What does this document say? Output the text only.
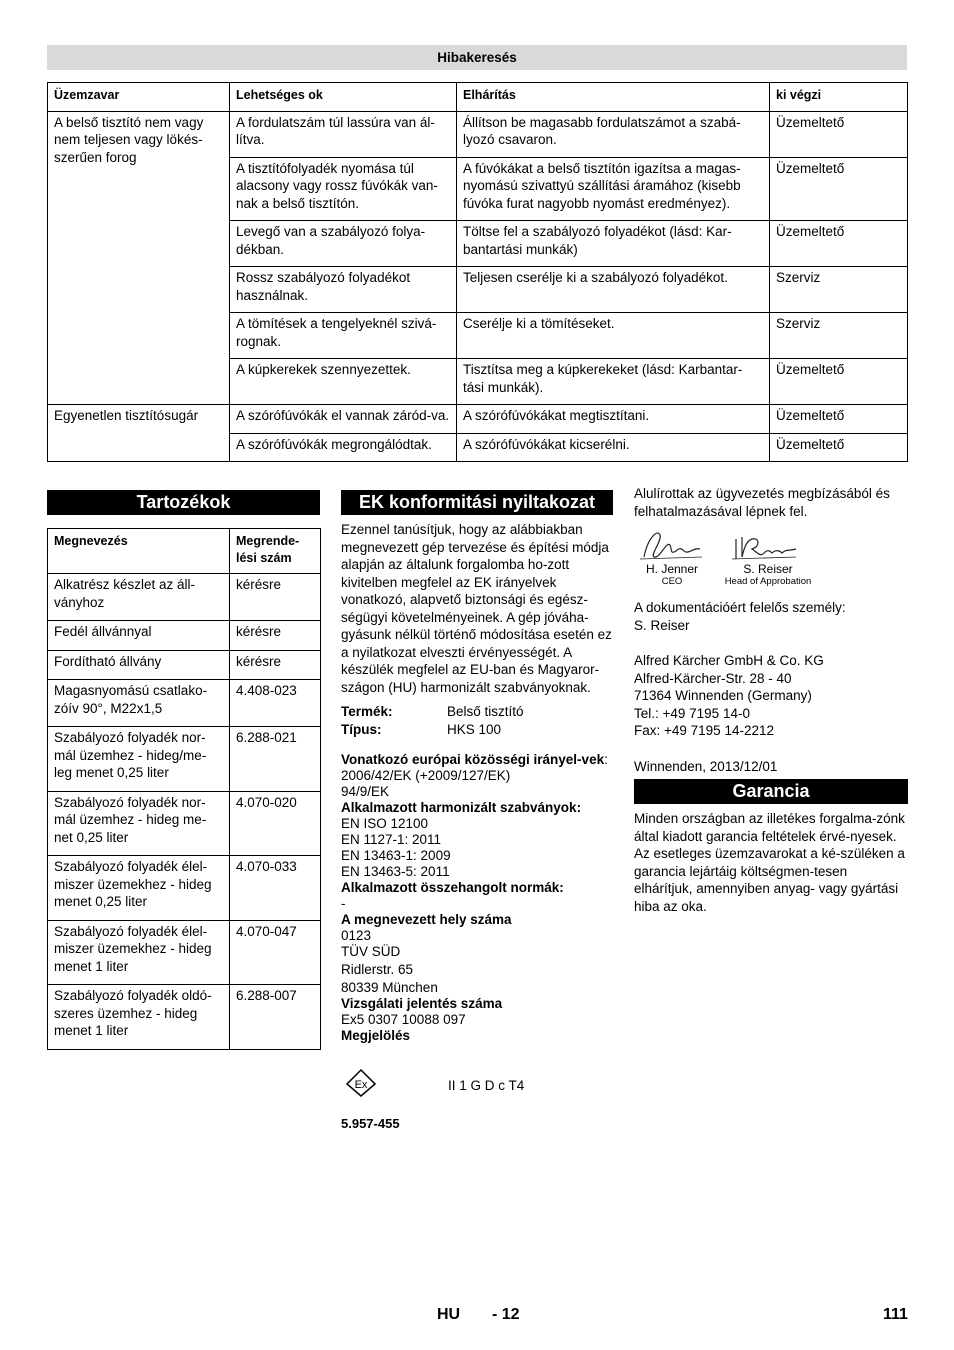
Hibakeresés
Üzemzavar	Lehetséges ok	Elhárítás	ki végzi
A belső tisztító nem vagy nem teljesen vagy lökés-szerűen forog	A fordulatszám túl lassúra van ál-lítva.	Állítson be magasabb fordulatszámot a szabá-lyozó csavaron.	Üzemeltető
	A tisztítófolyadék nyomása túl alacsony vagy rossz fúvókák van-nak a belső tisztítón.	A fúvókákat a belső tisztítón igazítsa a magas-nyomású szivattyú szállítási áramához (kisebb fúvóka furat nagyobb nyomást eredményez).	Üzemeltető
	Levegő van a szabályozó folya-dékban.	Töltse fel a szabályozó folyadékot (lásd: Kar-bantartási munkák)	Üzemeltető
	Rossz szabályozó folyadékot használnak.	Teljesen cserélje ki a szabályozó folyadékot.	Szerviz
	A tömítések a tengelyeknél szivá-rognak.	Cserélje ki a tömítéseket.	Szerviz
	A kúpkerekek szennyezettek.	Tisztítsa meg a kúpkerekeket (lásd: Karbantar-tási munkák).	Üzemeltető
Egyenetlen tisztítósugár	A szórófúvókák el vannak záród-va.	A szórófúvókákat megtisztítani.	Üzemeltető
	A szórófúvókák megrongálódtak.	A szórófúvókákat kicserélni.	Üzemeltető
Tartozékok
Megnevezés	Megrende-lési szám
Alkatrész készlet az áll-ványhoz	kérésre
Fedél állvánnyal	kérésre
Fordítható állvány	kérésre
Magasnyomású csatlako-zóív 90°, M22x1,5	4.408-023
Szabályozó folyadék nor-mál üzemhez - hideg/me-leg menet 0,25 liter	6.288-021
Szabályozó folyadék nor-mál üzemhez - hideg me-net 0,25 liter	4.070-020
Szabályozó folyadék élel-miszer üzemekhez - hideg menet 0,25 liter	4.070-033
Szabályozó folyadék élel-miszer üzemekhez - hideg menet 1 liter	4.070-047
Szabályozó folyadék oldó-szeres üzemhez - hideg menet 1 liter	6.288-007
EK konformitási nyiltakozat
Ezennel tanúsítjuk, hogy az alábbiakban megnevezett gép tervezése és építési módja alapján az általunk forgalomba ho-zott kivitelben megfelel az EK irányelvek vonatkozó, alapvető biztonsági és egész-ségügyi követelményeinek. A gép jóváha-gyásunk nélkül történő módosítása esetén ez a nyilatkozat elveszti érvényességét. A készülék megfelel az EU-ban és Magyaror-szágon (HU) harmonizált szabványoknak.
Termék:	Belső tisztító
Típus:	HKS 100
Vonatkozó európai közösségi irányel-vek:
2006/42/EK (+2009/127/EK)
94/9/EK
Alkalmazott harmonizált szabványok:
EN ISO 12100
EN 1127-1: 2011
EN 13463-1: 2009
EN 13463-5: 2011
Alkalmazott összehangolt normák:
-
A megnevezett hely száma
0123
TÜV SÜD
Ridlerstr. 65
80339 München
Vizsgálati jelentés száma
Ex5 0307 10088 097
Megjelölés
Ex	II 1 G D c T4
5.957-455
Alulírottak az ügyvezetés megbízásából és felhatalmazásával lépnek fel.
H. Jenner
CEO
S. Reiser
Head of Approbation
A dokumentációért felelős személy:
S. Reiser
Alfred Kärcher GmbH & Co. KG
Alfred-Kärcher-Str. 28 - 40
71364 Winnenden (Germany)
Tel.: +49 7195 14-0
Fax: +49 7195 14-2212
Winnenden, 2013/12/01
Garancia
Minden országban az illetékes forgalma-zónk által kiadott garancia feltételek érvé-nyesek. Az esetleges üzemzavarokat a ké-szüléken a garancia lejártáig költségmen-tesen elhárítjuk, amennyiben anyag- vagy gyártási hiba az oka.
HU - 12	111
